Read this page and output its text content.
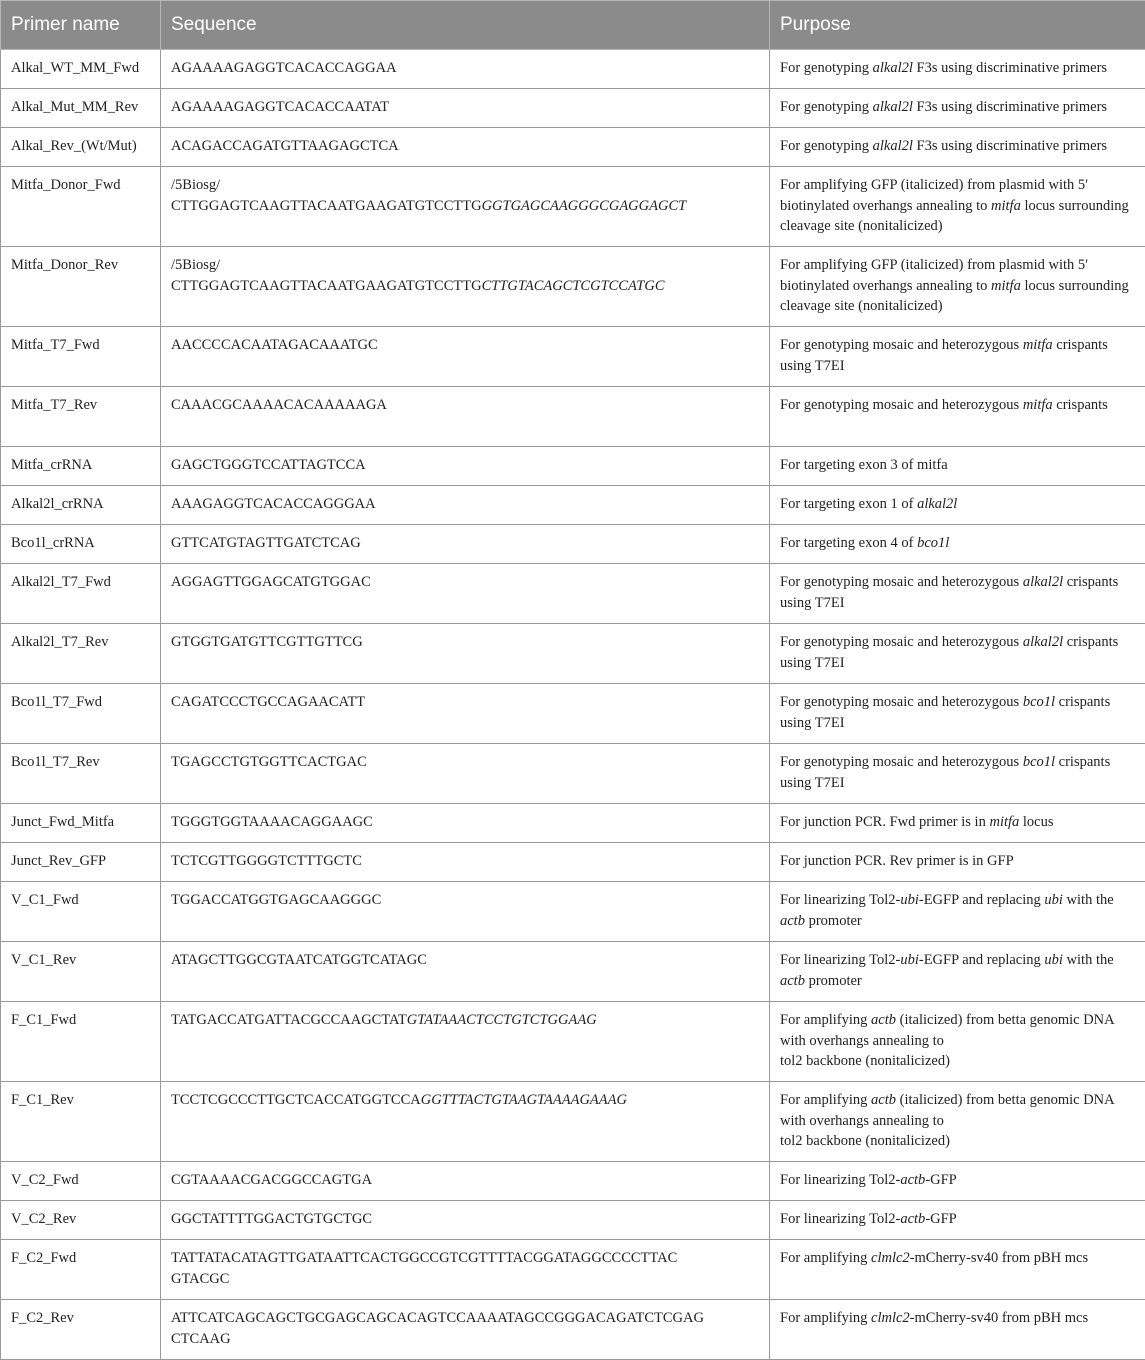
Primer name	Sequence	Purpose
Alkal_WT_MM_Fwd	AGAAAAGAGGTCACACCAGGAA	For genotyping alkal2l F3s using discriminative primers
Alkal_Mut_MM_Rev	AGAAAAGAGGTCACACCAATAT	For genotyping alkal2l F3s using discriminative primers
Alkal_Rev_(Wt/Mut)	ACAGACCAGATGTTAAGAGCTCA	For genotyping alkal2l F3s using discriminative primers
Mitfa_Donor_Fwd	/5Biosg/
CTTGGAGTCAAGTTACAATGAAGATGTCCTTGGGTGAGCAAGGGCGAGGAGCT	For amplifying GFP (italicized) from plasmid with 5′ biotinylated overhangs annealing to mitfa locus surrounding cleavage site (nonitalicized)
Mitfa_Donor_Rev	/5Biosg/
CTTGGAGTCAAGTTACAATGAAGATGTCCTTGCTTGTACAGCTCGTCCATGC	For amplifying GFP (italicized) from plasmid with 5′ biotinylated overhangs annealing to mitfa locus surrounding cleavage site (nonitalicized)
Mitfa_T7_Fwd	AACCCCACAATAGACAAATGC	For genotyping mosaic and heterozygous mitfa crispants using T7EI
Mitfa_T7_Rev	CAAACGCAAAACACAAAAAGA	For genotyping mosaic and heterozygous mitfa crispants
Mitfa_crRNA	GAGCTGGGTCCATTAGTCCA	For targeting exon 3 of mitfa
Alkal2l_crRNA	AAAGAGGTCACACCAGGGAA	For targeting exon 1 of alkal2l
Bco1l_crRNA	GTTCATGTAGTTGATCTCAG	For targeting exon 4 of bco1l
Alkal2l_T7_Fwd	AGGAGTTGGAGCATGTGGAC	For genotyping mosaic and heterozygous alkal2l crispants using T7EI
Alkal2l_T7_Rev	GTGGTGATGTTCGTTGTTCG	For genotyping mosaic and heterozygous alkal2l crispants using T7EI
Bco1l_T7_Fwd	CAGATCCCTGCCAGAACATT	For genotyping mosaic and heterozygous bco1l crispants using T7EI
Bco1l_T7_Rev	TGAGCCTGTGGTTCACTGAC	For genotyping mosaic and heterozygous bco1l crispants using T7EI
Junct_Fwd_Mitfa	TGGGTGGTAAAACAGGAAGC	For junction PCR. Fwd primer is in mitfa locus
Junct_Rev_GFP	TCTCGTTGGGGTCTTTGCTC	For junction PCR. Rev primer is in GFP
V_C1_Fwd	TGGACCATGGTGAGCAAGGGC	For linearizing Tol2-ubi-EGFP and replacing ubi with the actb promoter
V_C1_Rev	ATAGCTTGGCGTAATCATGGTCATAGC	For linearizing Tol2-ubi-EGFP and replacing ubi with the actb promoter
F_C1_Fwd	TATGACCATGATTACGCCAAGCTATGTATAAACTCCTGTCTGGAAG	For amplifying actb (italicized) from betta genomic DNA with overhangs annealing to
tol2 backbone (nonitalicized)
F_C1_Rev	TCCTCGCCCTTGCTCACCATGGTCCAGGTTTACTGTAAGTAAAAGAAAG	For amplifying actb (italicized) from betta genomic DNA with overhangs annealing to
tol2 backbone (nonitalicized)
V_C2_Fwd	CGTAAAACGACGGCCAGTGA	For linearizing Tol2-actb-GFP
V_C2_Rev	GGCTATTTTGGACTGTGCTGC	For linearizing Tol2-actb-GFP
F_C2_Fwd	TATTATACATAGTTGATAATTCACTGGCCGTCGTTTTACGGATAGGCCCCTTAC
GTACGC	For amplifying clmlc2-mCherry-sv40 from pBH mcs
F_C2_Rev	ATTCATCAGCAGCTGCGAGCAGCACAGTCCAAAATAGCCGGGACAGATCTCGAG
CTCAAG	For amplifying clmlc2-mCherry-sv40 from pBH mcs
